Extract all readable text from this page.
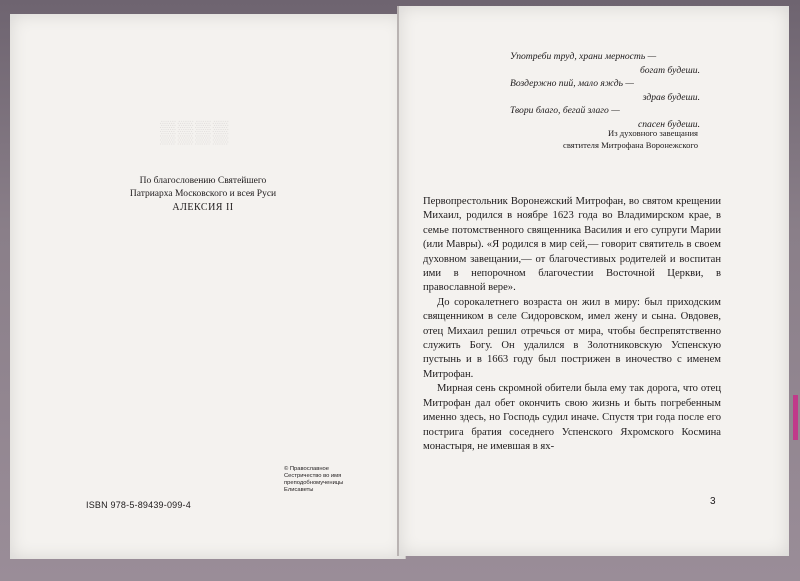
▒▒▒▒
По благословению Святейшего
Патриарха Московского и всея Руси
АЛЕКСИЯ II
ISBN 978-5-89439-099-4
© Православное
Сестричество во имя
преподобномученицы
Елисаветы
Употреби труд, храни мерность —
богат будеши.
Воздержно пий, мало яждь —
здрав будеши.
Твори благо, бегай злаго —
спасен будеши.
Из духовного завещания
святителя Митрофана Воронежского

Первопрестольник Воронежский Митрофан, во святом крещении Михаил, родился в ноябре 1623 года во Владимирском крае, в семье потомственного священника Василия и его супруги Марии (или Мавры). «Я родился в мир сей,— говорит святитель в своем духовном завещании,— от благочестивых родителей и воспитан ими в непорочном благочестии Восточной Церкви, в православной вере».

До сорокалетнего возраста он жил в миру: был приходским священником в селе Сидоровском, имел жену и сына. Овдовев, отец Михаил решил отречься от мира, чтобы беспрепятственно служить Богу. Он удалился в Золотниковскую Успенскую пустынь и в 1663 году был пострижен в иночество с именем Митрофан.

Мирная сень скромной обители была ему так дорога, что отец Митрофан дал обет окончить свою жизнь и быть погребенным именно здесь, но Господь судил иначе. Спустя три года после его пострига братия соседнего Успенского Яхромского Космина монастыря, не имевшая в ях-

3
